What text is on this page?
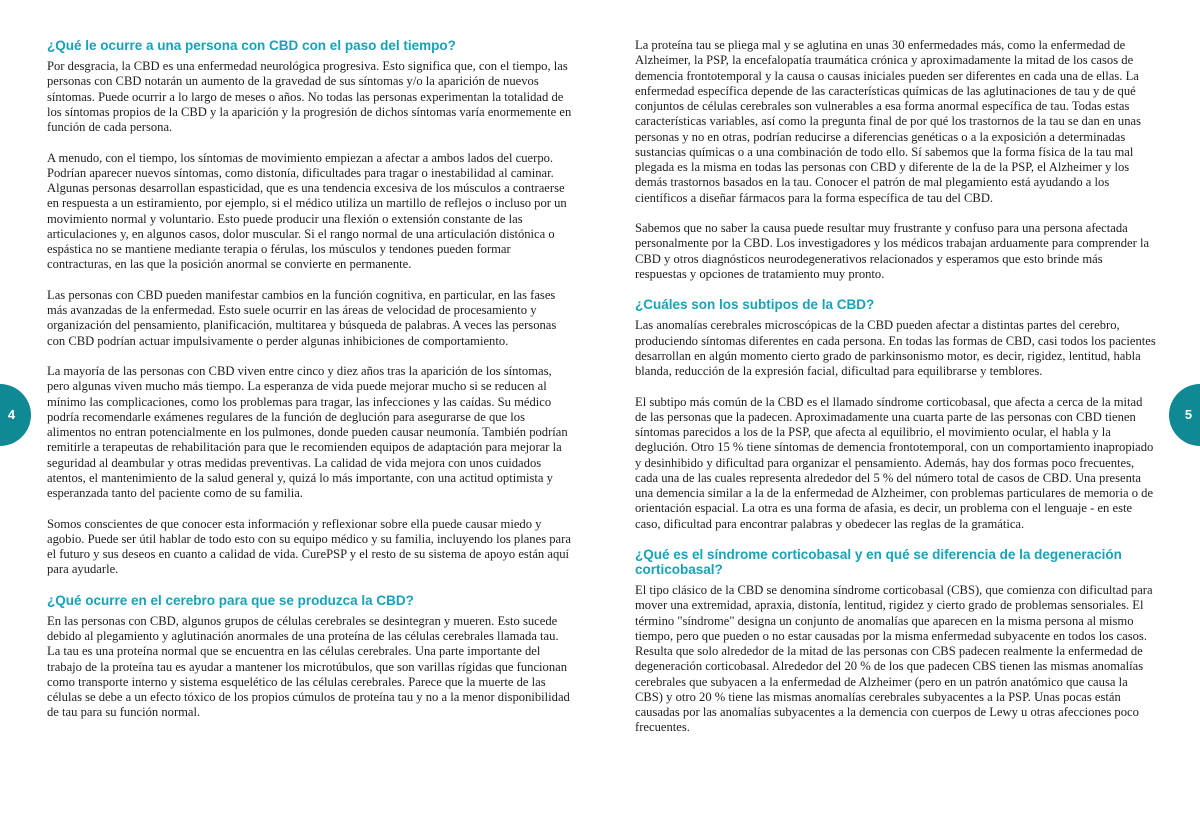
¿Qué le ocurre a una persona con CBD con el paso del tiempo?

Por desgracia, la CBD es una enfermedad neurológica progresiva. Esto significa que, con el tiempo, las personas con CBD notarán un aumento de la gravedad de sus síntomas y/o la aparición de nuevos síntomas. Puede ocurrir a lo largo de meses o años. No todas las personas experimentan la totalidad de los síntomas propios de la CBD y la aparición y la progresión de dichos síntomas varía enormemente en función de cada persona.

A menudo, con el tiempo, los síntomas de movimiento empiezan a afectar a ambos lados del cuerpo. Podrían aparecer nuevos síntomas, como distonía, dificultades para tragar o inestabilidad al caminar. Algunas personas desarrollan espasticidad, que es una tendencia excesiva de los músculos a contraerse en respuesta a un estiramiento, por ejemplo, si el médico utiliza un martillo de reflejos o incluso por un movimiento normal y voluntario. Esto puede producir una flexión o extensión constante de las articulaciones y, en algunos casos, dolor muscular. Si el rango normal de una articulación distónica o espástica no se mantiene mediante terapia o férulas, los músculos y tendones pueden formar contracturas, en las que la posición anormal se convierte en permanente.

Las personas con CBD pueden manifestar cambios en la función cognitiva, en particular, en las fases más avanzadas de la enfermedad. Esto suele ocurrir en las áreas de velocidad de procesamiento y organización del pensamiento, planificación, multitarea y búsqueda de palabras. A veces las personas con CBD podrían actuar impulsivamente o perder algunas inhibiciones de comportamiento.

La mayoría de las personas con CBD viven entre cinco y diez años tras la aparición de los síntomas, pero algunas viven mucho más tiempo. La esperanza de vida puede mejorar mucho si se reducen al mínimo las complicaciones, como los problemas para tragar, las infecciones y las caídas. Su médico podría recomendarle exámenes regulares de la función de deglución para asegurarse de que los alimentos no entran potencialmente en los pulmones, donde pueden causar neumonía. También podrían remitirle a terapeutas de rehabilitación para que le recomienden equipos de adaptación para mejorar la seguridad al deambular y otras medidas preventivas. La calidad de vida mejora con unos cuidados atentos, el mantenimiento de la salud general y, quizá lo más importante, con una actitud optimista y esperanzada tanto del paciente como de su familia.

Somos conscientes de que conocer esta información y reflexionar sobre ella puede causar miedo y agobio. Puede ser útil hablar de todo esto con su equipo médico y su familia, incluyendo los planes para el futuro y sus deseos en cuanto a calidad de vida. CurePSP y el resto de su sistema de apoyo están aquí para ayudarle.

¿Qué ocurre en el cerebro para que se produzca la CBD?

En las personas con CBD, algunos grupos de células cerebrales se desintegran y mueren. Esto sucede debido al plegamiento y aglutinación anormales de una proteína de las células cerebrales llamada tau. La tau es una proteína normal que se encuentra en las células cerebrales. Una parte importante del trabajo de la proteína tau es ayudar a mantener los microtúbulos, que son varillas rígidas que funcionan como transporte interno y sistema esquelético de las células cerebrales. Parece que la muerte de las células se debe a un efecto tóxico de los propios cúmulos de proteína tau y no a la menor disponibilidad de tau para su función normal.

La proteína tau se pliega mal y se aglutina en unas 30 enfermedades más, como la enfermedad de Alzheimer, la PSP, la encefalopatía traumática crónica y aproximadamente la mitad de los casos de demencia frontotemporal y la causa o causas iniciales pueden ser diferentes en cada una de ellas. La enfermedad específica depende de las características químicas de las aglutinaciones de tau y de qué conjuntos de células cerebrales son vulnerables a esa forma anormal específica de tau. Todas estas características variables, así como la pregunta final de por qué los trastornos de la tau se dan en unas personas y no en otras, podrían reducirse a diferencias genéticas o a la exposición a determinadas sustancias químicas o a una combinación de todo ello. Sí sabemos que la forma física de la tau mal plegada es la misma en todas las personas con CBD y diferente de la de la PSP, el Alzheimer y los demás trastornos basados en la tau. Conocer el patrón de mal plegamiento está ayudando a los científicos a diseñar fármacos para la forma específica de tau del CBD.

Sabemos que no saber la causa puede resultar muy frustrante y confuso para una persona afectada personalmente por la CBD. Los investigadores y los médicos trabajan arduamente para comprender la CBD y otros diagnósticos neurodegenerativos relacionados y esperamos que esto brinde más respuestas y opciones de tratamiento muy pronto.

¿Cuáles son los subtipos de la CBD?

Las anomalías cerebrales microscópicas de la CBD pueden afectar a distintas partes del cerebro, produciendo síntomas diferentes en cada persona. En todas las formas de CBD, casi todos los pacientes desarrollan en algún momento cierto grado de parkinsonismo motor, es decir, rigidez, lentitud, habla blanda, reducción de la expresión facial, dificultad para equilibrarse y temblores.

El subtipo más común de la CBD es el llamado síndrome corticobasal, que afecta a cerca de la mitad de las personas que la padecen. Aproximadamente una cuarta parte de las personas con CBD tienen síntomas parecidos a los de la PSP, que afecta al equilibrio, el movimiento ocular, el habla y la deglución. Otro 15 % tiene síntomas de demencia frontotemporal, con un comportamiento inapropiado y desinhibido y dificultad para organizar el pensamiento. Además, hay dos formas poco frecuentes, cada una de las cuales representa alrededor del 5 % del número total de casos de CBD. Una presenta una demencia similar a la de la enfermedad de Alzheimer, con problemas particulares de memoria o de orientación espacial. La otra es una forma de afasia, es decir, un problema con el lenguaje - en este caso, dificultad para encontrar palabras y obedecer las reglas de la gramática.

¿Qué es el síndrome corticobasal y en qué se diferencia de la degeneración corticobasal?

El tipo clásico de la CBD se denomina síndrome corticobasal (CBS), que comienza con dificultad para mover una extremidad, apraxia, distonía, lentitud, rigidez y cierto grado de problemas sensoriales. El término "síndrome" designa un conjunto de anomalías que aparecen en la misma persona al mismo tiempo, pero que pueden o no estar causadas por la misma enfermedad subyacente en todos los casos. Resulta que solo alrededor de la mitad de las personas con CBS padecen realmente la enfermedad de degeneración corticobasal. Alrededor del 20 % de los que padecen CBS tienen las mismas anomalías cerebrales que subyacen a la enfermedad de Alzheimer (pero en un patrón anatómico que causa la CBS) y otro 20 % tiene las mismas anomalías cerebrales subyacentes a la PSP. Unas pocas están causadas por las anomalías subyacentes a la demencia con cuerpos de Lewy u otras afecciones poco frecuentes.

4	5
